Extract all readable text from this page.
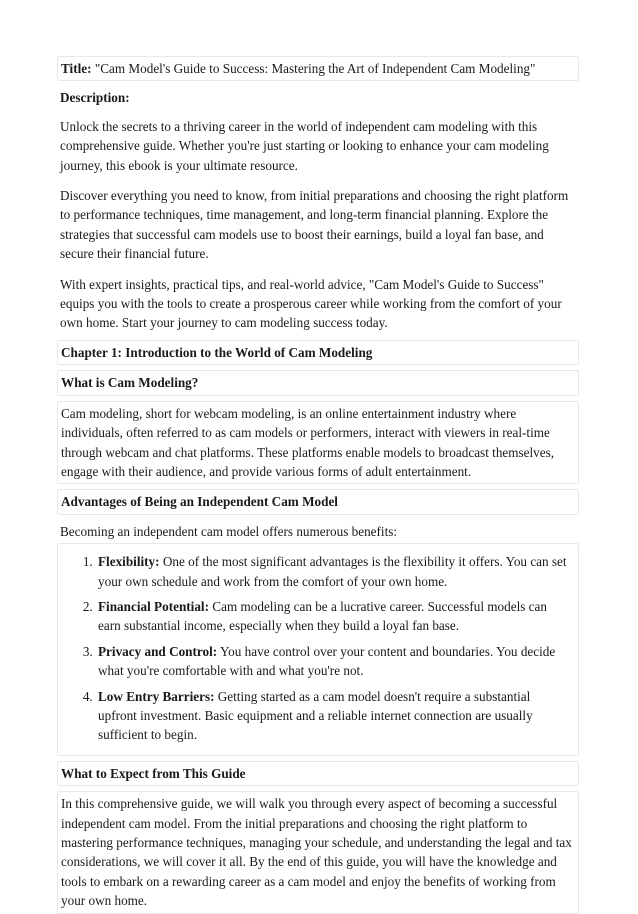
Title: "Cam Model's Guide to Success: Mastering the Art of Independent Cam Modeling"

Description:

Unlock the secrets to a thriving career in the world of independent cam modeling with this comprehensive guide. Whether you're just starting or looking to enhance your cam modeling journey, this ebook is your ultimate resource.

Discover everything you need to know, from initial preparations and choosing the right platform to performance techniques, time management, and long-term financial planning. Explore the strategies that successful cam models use to boost their earnings, build a loyal fan base, and secure their financial future.

With expert insights, practical tips, and real-world advice, "Cam Model's Guide to Success" equips you with the tools to create a prosperous career while working from the comfort of your own home. Start your journey to cam modeling success today.

Chapter 1: Introduction to the World of Cam Modeling

What is Cam Modeling?

Cam modeling, short for webcam modeling, is an online entertainment industry where individuals, often referred to as cam models or performers, interact with viewers in real-time through webcam and chat platforms. These platforms enable models to broadcast themselves, engage with their audience, and provide various forms of adult entertainment.

Advantages of Being an Independent Cam Model

Becoming an independent cam model offers numerous benefits:

1. Flexibility: One of the most significant advantages is the flexibility it offers. You can set your own schedule and work from the comfort of your own home.
2. Financial Potential: Cam modeling can be a lucrative career. Successful models can earn substantial income, especially when they build a loyal fan base.
3. Privacy and Control: You have control over your content and boundaries. You decide what you're comfortable with and what you're not.
4. Low Entry Barriers: Getting started as a cam model doesn't require a substantial upfront investment. Basic equipment and a reliable internet connection are usually sufficient to begin.

What to Expect from This Guide

In this comprehensive guide, we will walk you through every aspect of becoming a successful independent cam model. From the initial preparations and choosing the right platform to mastering performance techniques, managing your schedule, and understanding the legal and tax considerations, we will cover it all. By the end of this guide, you will have the knowledge and tools to embark on a rewarding career as a cam model and enjoy the benefits of working from your own home.
